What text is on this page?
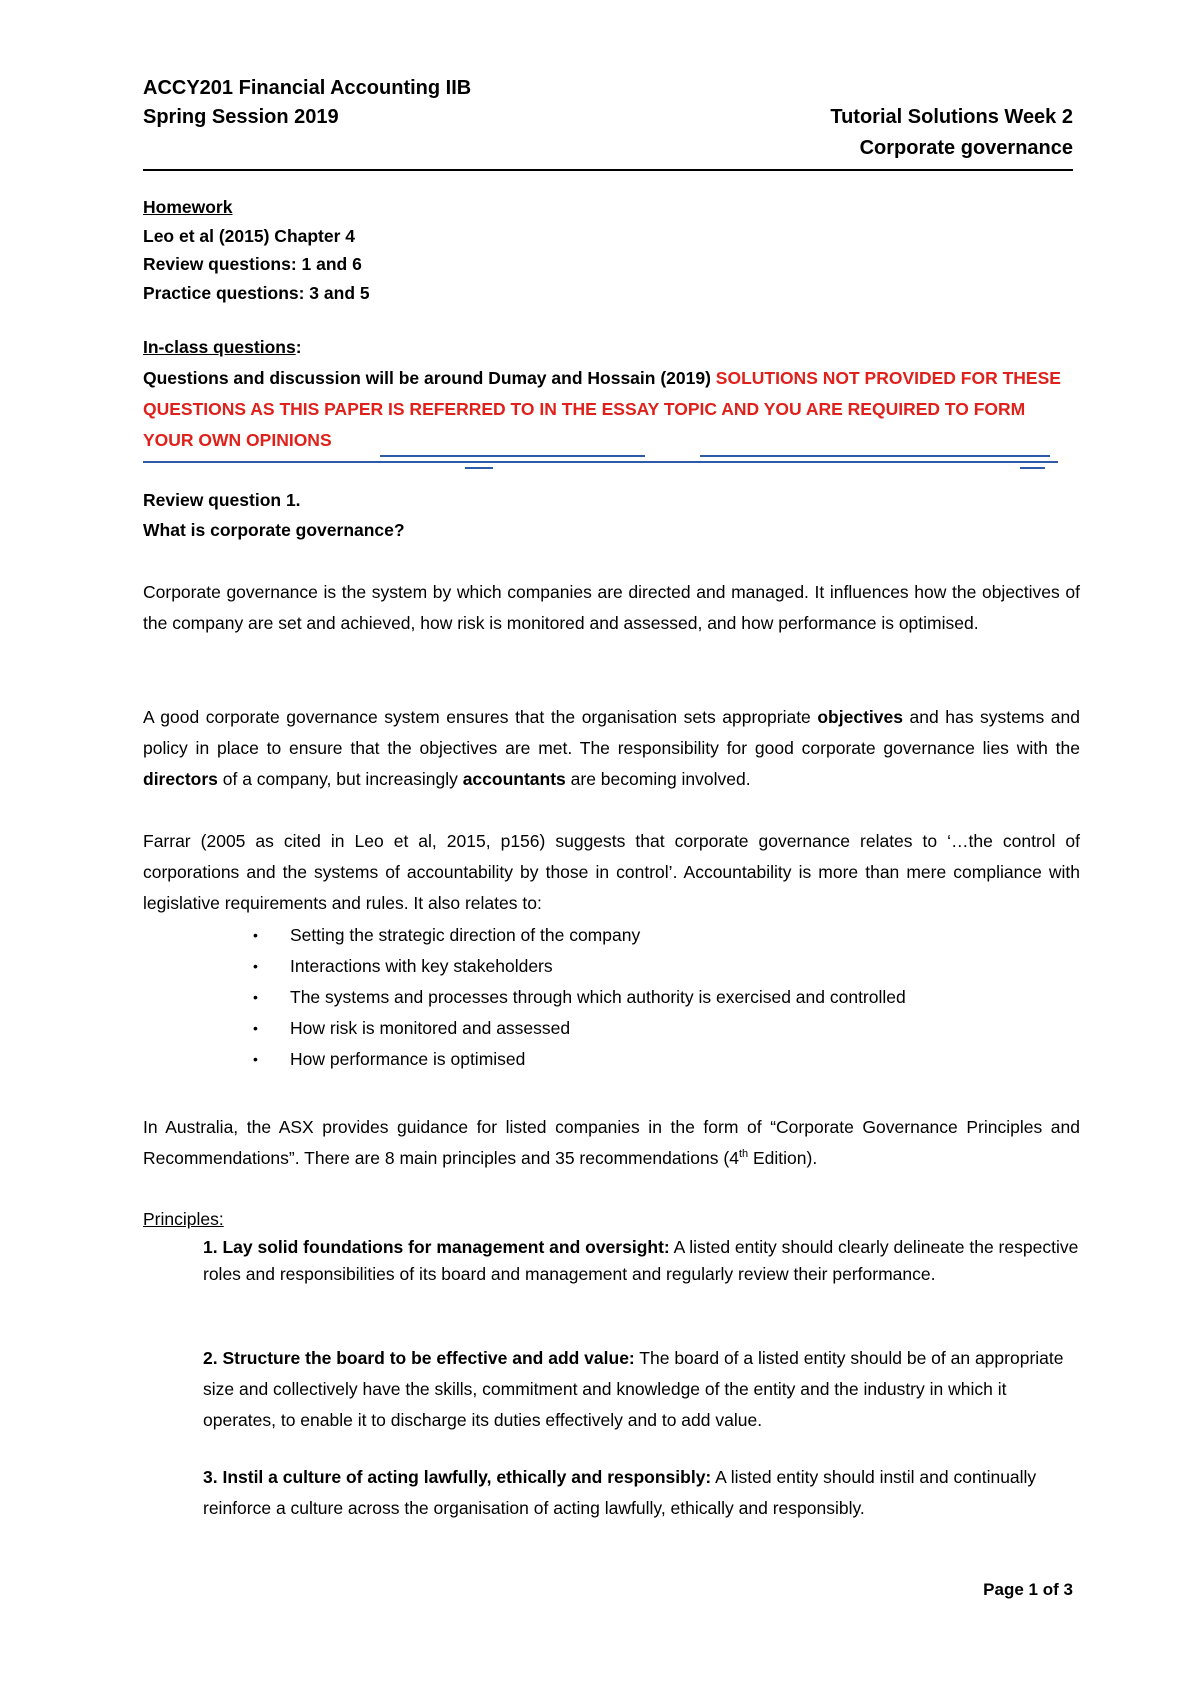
ACCY201 Financial Accounting IIB
Spring Session 2019	Tutorial Solutions Week 2
Corporate governance
Homework
Leo et al (2015) Chapter 4
Review questions: 1 and 6
Practice questions: 3 and 5
In-class questions:
Questions and discussion will be around Dumay and Hossain (2019) SOLUTIONS NOT PROVIDED FOR THESE QUESTIONS AS THIS PAPER IS REFERRED TO IN THE ESSAY TOPIC AND YOU ARE REQUIRED TO FORM YOUR OWN OPINIONS
Review question 1.
What is corporate governance?
Corporate governance is the system by which companies are directed and managed. It influences how the objectives of the company are set and achieved, how risk is monitored and assessed, and how performance is optimised.
A good corporate governance system ensures that the organisation sets appropriate objectives and has systems and policy in place to ensure that the objectives are met. The responsibility for good corporate governance lies with the directors of a company, but increasingly accountants are becoming involved.
Farrar (2005 as cited in Leo et al, 2015, p156) suggests that corporate governance relates to ‘…the control of corporations and the systems of accountability by those in control’. Accountability is more than mere compliance with legislative requirements and rules. It also relates to:
• Setting the strategic direction of the company
• Interactions with key stakeholders
• The systems and processes through which authority is exercised and controlled
• How risk is monitored and assessed
• How performance is optimised
In Australia, the ASX provides guidance for listed companies in the form of “Corporate Governance Principles and Recommendations”. There are 8 main principles and 35 recommendations (4th Edition).
Principles:
1. Lay solid foundations for management and oversight: A listed entity should clearly delineate the respective roles and responsibilities of its board and management and regularly review their performance.
2. Structure the board to be effective and add value: The board of a listed entity should be of an appropriate size and collectively have the skills, commitment and knowledge of the entity and the industry in which it operates, to enable it to discharge its duties effectively and to add value.
3. Instil a culture of acting lawfully, ethically and responsibly: A listed entity should instil and continually reinforce a culture across the organisation of acting lawfully, ethically and responsibly.
Page 1 of 3
